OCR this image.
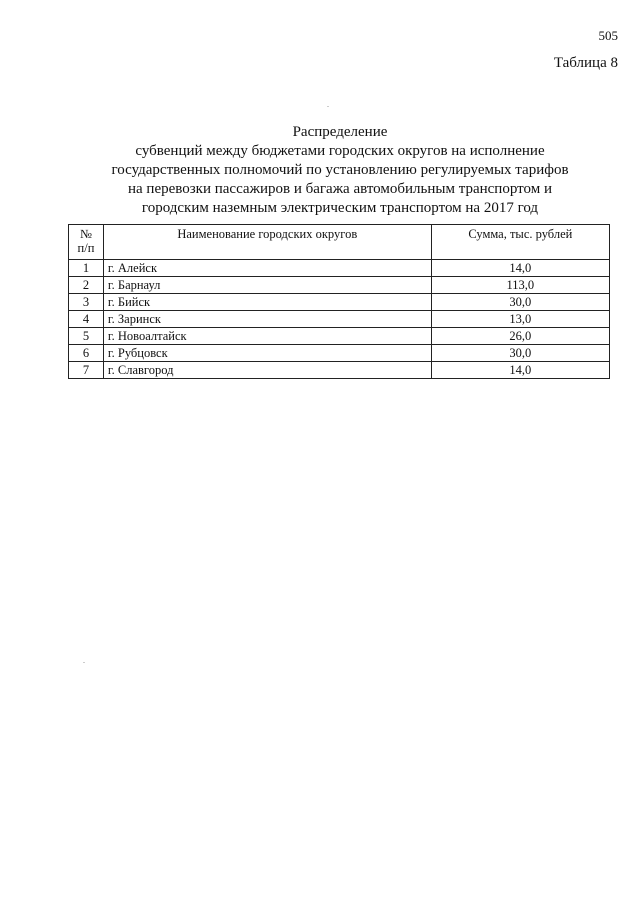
505
Таблица 8
Распределение
субвенций между бюджетами городских округов на исполнение
государственных полномочий по установлению регулируемых тарифов
на перевозки пассажиров и багажа автомобильным транспортом и
городским наземным электрическим транспортом на 2017 год
№
п/п	Наименование городских округов	Сумма, тыс. рублей
1	г. Алейск	14,0
2	г. Барнаул	113,0
3	г. Бийск	30,0
4	г. Заринск	13,0
5	г. Новоалтайск	26,0
6	г. Рубцовск	30,0
7	г. Славгород	14,0
